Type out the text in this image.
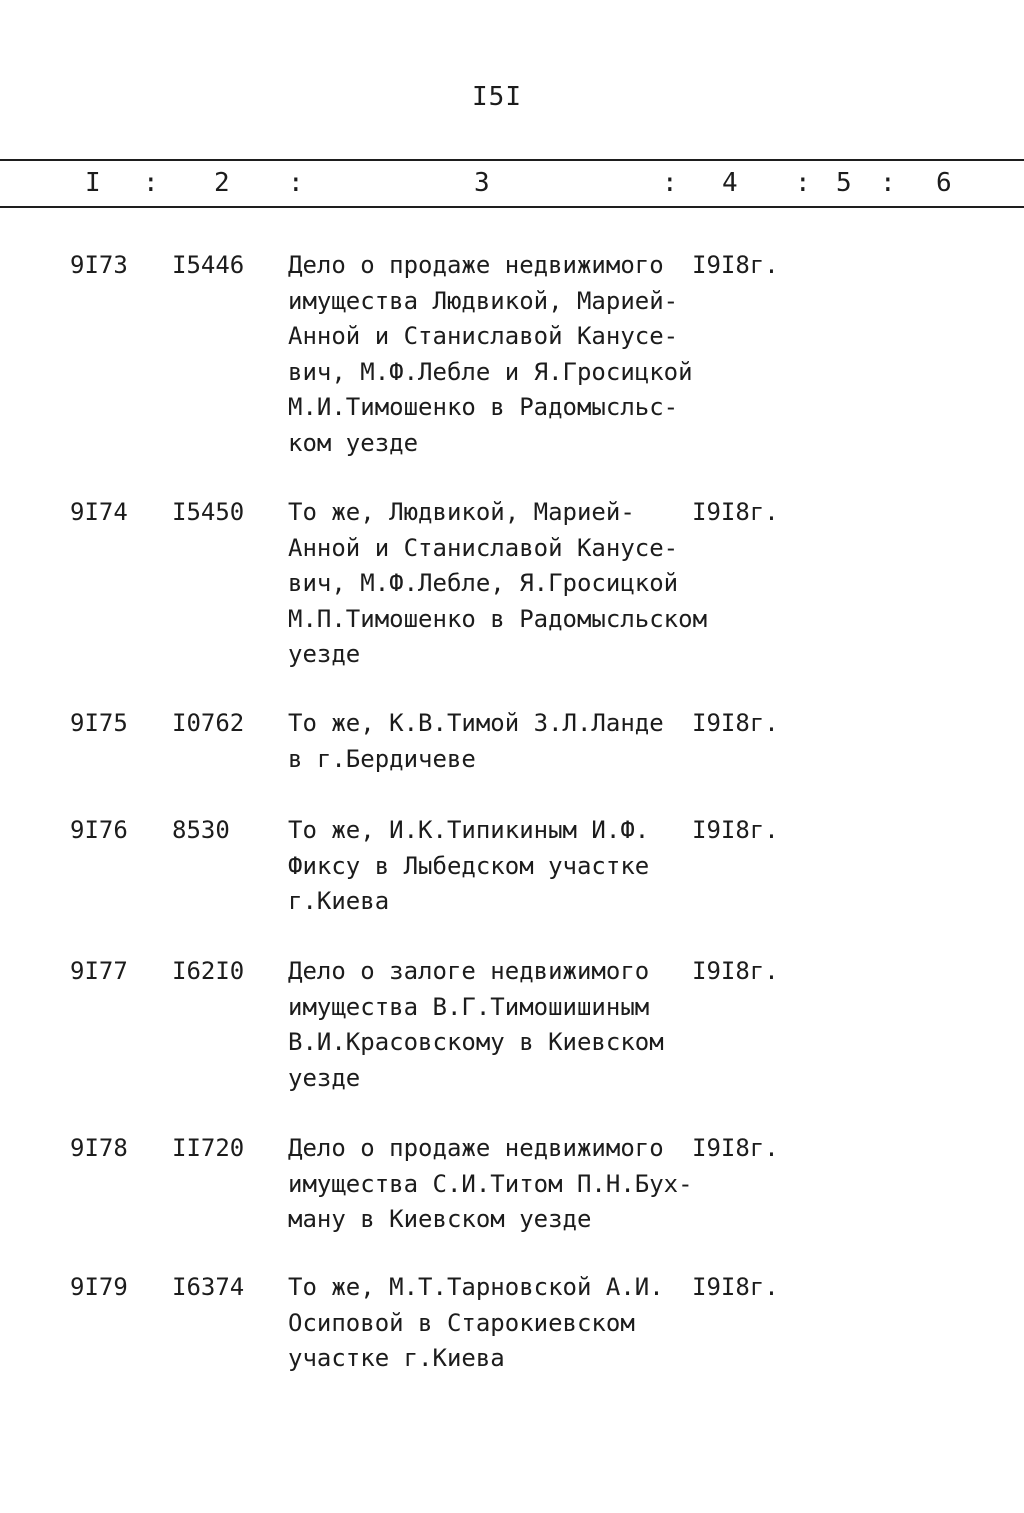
I5I
I : 2 :	3	: 4 : 5 : 6
9I73 I5446 Дело о продаже недвижимого
имущества Людвикой, Марией-
Анной и Станиславой Канусе-
вич, М.Ф.Лебле и Я.Гросицкой
М.И.Тимошенко в Радомысльс-
ком уезде
I9I8г.
9I74 I5450 То же, Людвикой, Марией-
Анной и Станиславой Канусе-
вич, М.Ф.Лебле, Я.Гросицкой
М.П.Тимошенко в Радомысльском
уезде
I9I8г.
9I75 I0762 То же, К.В.Тимой З.Л.Ланде
в г.Бердичеве
I9I8г.
9I76 8530 То же, И.К.Типикиным И.Ф.
Фиксу в Лыбедском участке
г.Киева
I9I8г.
9I77 I62I0 Дело о залоге недвижимого
имущества В.Г.Тимошишиным
В.И.Красовскому в Киевском
уезде
I9I8г.
9I78 II720 Дело о продаже недвижимого
имущества С.И.Титом П.Н.Бух-
ману в Киевском уезде
I9I8г.
9I79 I6374 То же, М.Т.Тарновской А.И.
Осиповой в Старокиевском
участке г.Киева
I9I8г.
